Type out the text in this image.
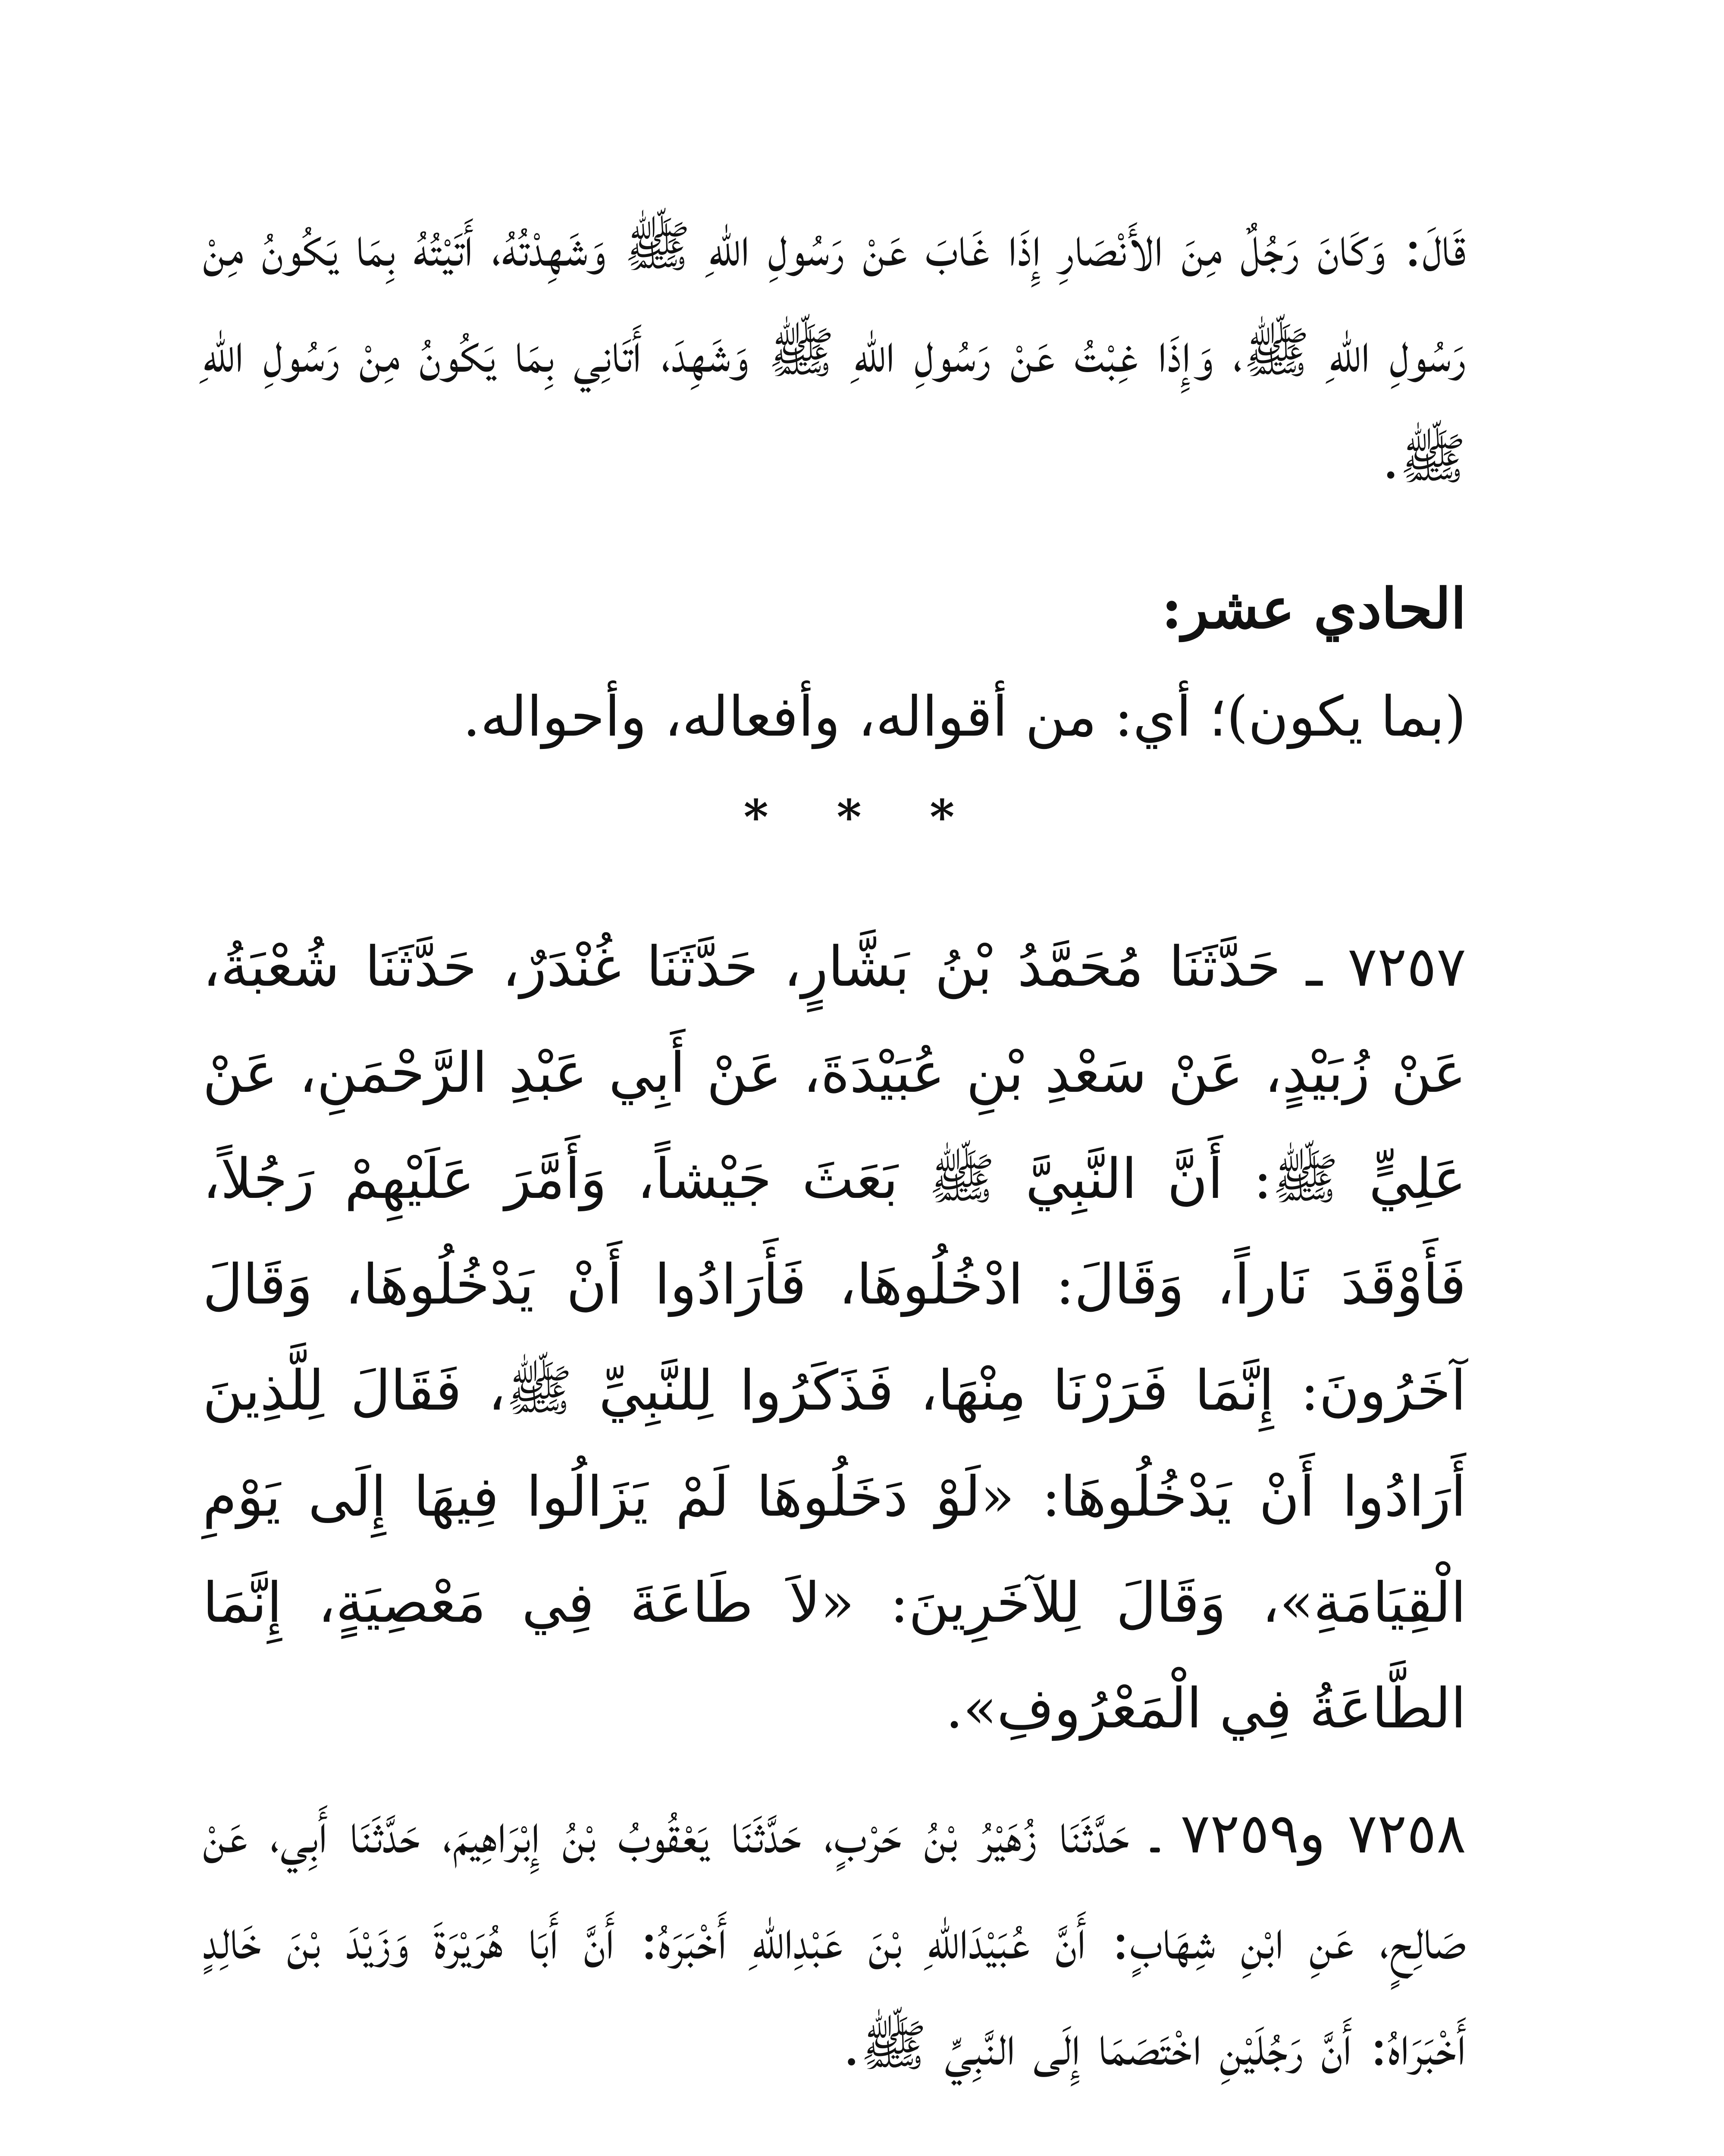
قَالَ: وَكَانَ رَجُلٌ مِنَ الأَنْصَارِ إِذَا غَابَ عَنْ رَسُولِ اللهِ ﷺ وَشَهِدْتُهُ، أَتَيْتُهُ بِمَا يَكُونُ مِنْ رَسُولِ اللهِ ﷺ، وَإِذَا غِبْتُ عَنْ رَسُولِ اللهِ ﷺ وَشَهِدَ، أَتَانِي بِمَا يَكُونُ مِنْ رَسُولِ اللهِ ﷺ.

الحادي عشر:

(بما يكون)؛ أي: من أقواله، وأفعاله، وأحواله.

* * *

٧٢٥٧ ـ حَدَّثَنَا مُحَمَّدُ بْنُ بَشَّارٍ، حَدَّثَنَا غُنْدَرٌ، حَدَّثَنَا شُعْبَةُ، عَنْ زُبَيْدٍ، عَنْ سَعْدِ بْنِ عُبَيْدَةَ، عَنْ أَبِي عَبْدِ الرَّحْمَنِ، عَنْ عَلِيٍّ ﷺ: أَنَّ النَّبِيَّ ﷺ بَعَثَ جَيْشاً، وَأَمَّرَ عَلَيْهِمْ رَجُلاً، فَأَوْقَدَ نَاراً، وَقَالَ: ادْخُلُوهَا، فَأَرَادُوا أَنْ يَدْخُلُوهَا، وَقَالَ آخَرُونَ: إِنَّمَا فَرَرْنَا مِنْهَا، فَذَكَرُوا لِلنَّبِيِّ ﷺ، فَقَالَ لِلَّذِينَ أَرَادُوا أَنْ يَدْخُلُوهَا: «لَوْ دَخَلُوهَا لَمْ يَزَالُوا فِيهَا إِلَى يَوْمِ الْقِيَامَةِ»، وَقَالَ لِلآخَرِينَ: «لاَ طَاعَةَ فِي مَعْصِيَةٍ، إِنَّمَا الطَّاعَةُ فِي الْمَعْرُوفِ».

٧٢٥٨ و٧٢٥٩ ـ حَدَّثَنَا زُهَيْرُ بْنُ حَرْبٍ، حَدَّثَنَا يَعْقُوبُ بْنُ إِبْرَاهِيمَ، حَدَّثَنَا أَبِي، عَنْ صَالِحٍ، عَنِ ابْنِ شِهَابٍ: أَنَّ عُبَيْدَاللهِ بْنَ عَبْدِاللهِ أَخْبَرَهُ: أَنَّ أَبَا هُرَيْرَةَ وَزَيْدَ بْنَ خَالِدٍ أَخْبَرَاهُ: أَنَّ رَجُلَيْنِ اخْتَصَمَا إِلَى النَّبِيِّ ﷺ.
